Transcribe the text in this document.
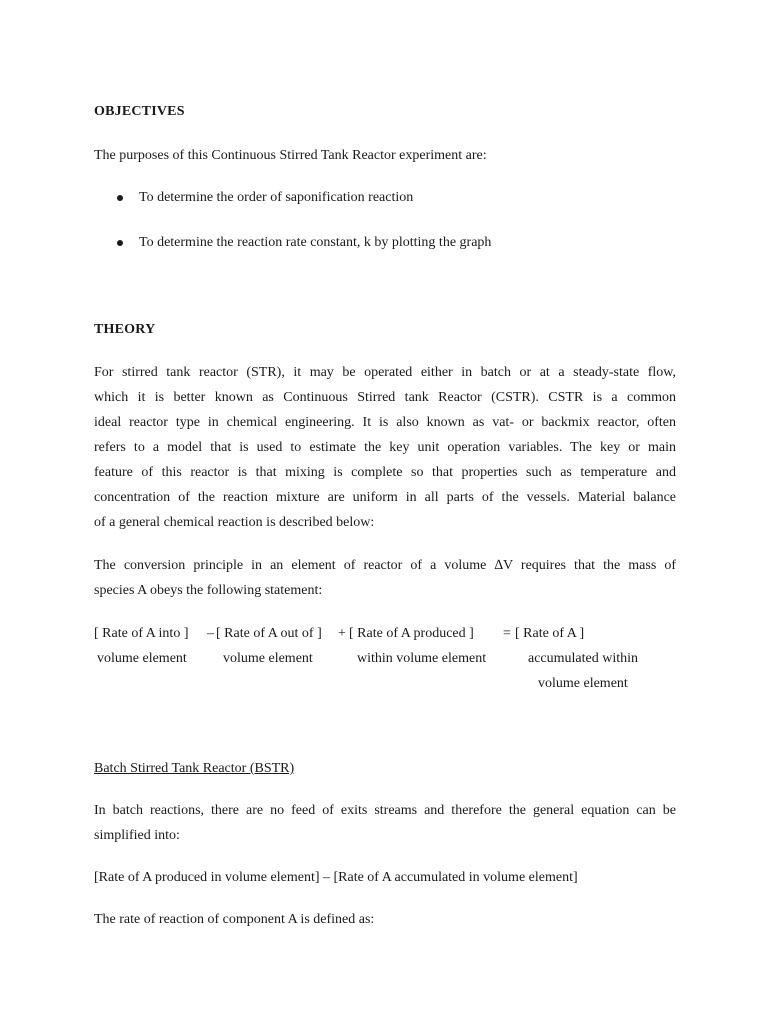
OBJECTIVES
The purposes of this Continuous Stirred Tank Reactor experiment are:
To determine the order of saponification reaction
To determine the reaction rate constant, k by plotting the graph
THEORY
For stirred tank reactor (STR), it may be operated either in batch or at a steady-state flow,
which it is better known as Continuous Stirred tank Reactor (CSTR). CSTR is a common
ideal reactor type in chemical engineering. It is also known as vat- or backmix reactor, often
refers to a model that is used to estimate the key unit operation variables. The key or main
feature of this reactor is that mixing is complete so that properties such as temperature and
concentration of the reaction mixture are uniform in all parts of the vessels. Material balance
of a general chemical reaction is described below:
The conversion principle in an element of reactor of a volume ∆V requires that the mass of
species A obeys the following statement:
[ Rate of A into ] – [ Rate of A out of ] + [ Rate of A produced ] = [ Rate of A ]
volume element	volume element	within volume element	accumulated within
volume element
Batch Stirred Tank Reactor (BSTR)
In batch reactions, there are no feed of exits streams and therefore the general equation can be
simplified into:
[Rate of A produced in volume element] – [Rate of A accumulated in volume element]
The rate of reaction of component A is defined as:
